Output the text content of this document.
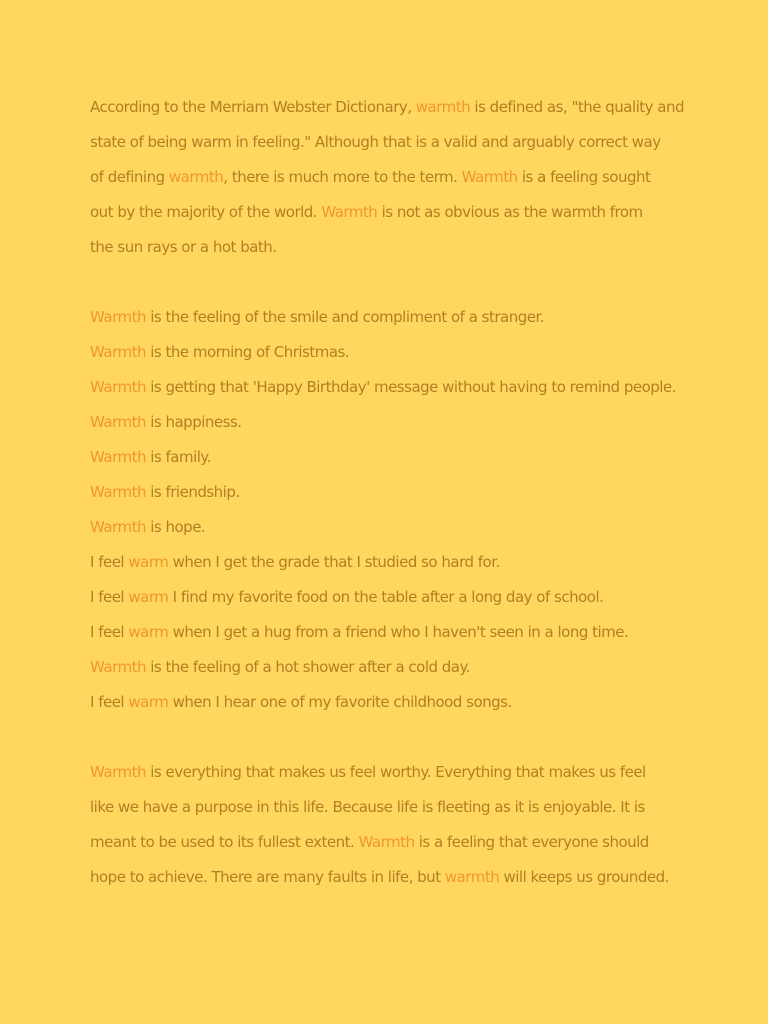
According to the Merriam Webster Dictionary, warmth is defined as, "the quality and
state of being warm in feeling." Although that is a valid and arguably correct way
of defining warmth, there is much more to the term. Warmth is a feeling sought
out by the majority of the world. Warmth is not as obvious as the warmth from
the sun rays or a hot bath.
Warmth is the feeling of the smile and compliment of a stranger.
Warmth is the morning of Christmas.
Warmth is getting that 'Happy Birthday' message without having to remind people.
Warmth is happiness.
Warmth is family.
Warmth is friendship.
Warmth is hope.
I feel warm when I get the grade that I studied so hard for.
I feel warm I find my favorite food on the table after a long day of school.
I feel warm when I get a hug from a friend who I haven't seen in a long time.
Warmth is the feeling of a hot shower after a cold day.
I feel warm when I hear one of my favorite childhood songs.
Warmth is everything that makes us feel worthy. Everything that makes us feel
like we have a purpose in this life. Because life is fleeting as it is enjoyable. It is
meant to be used to its fullest extent. Warmth is a feeling that everyone should
hope to achieve. There are many faults in life, but warmth will keeps us grounded.
